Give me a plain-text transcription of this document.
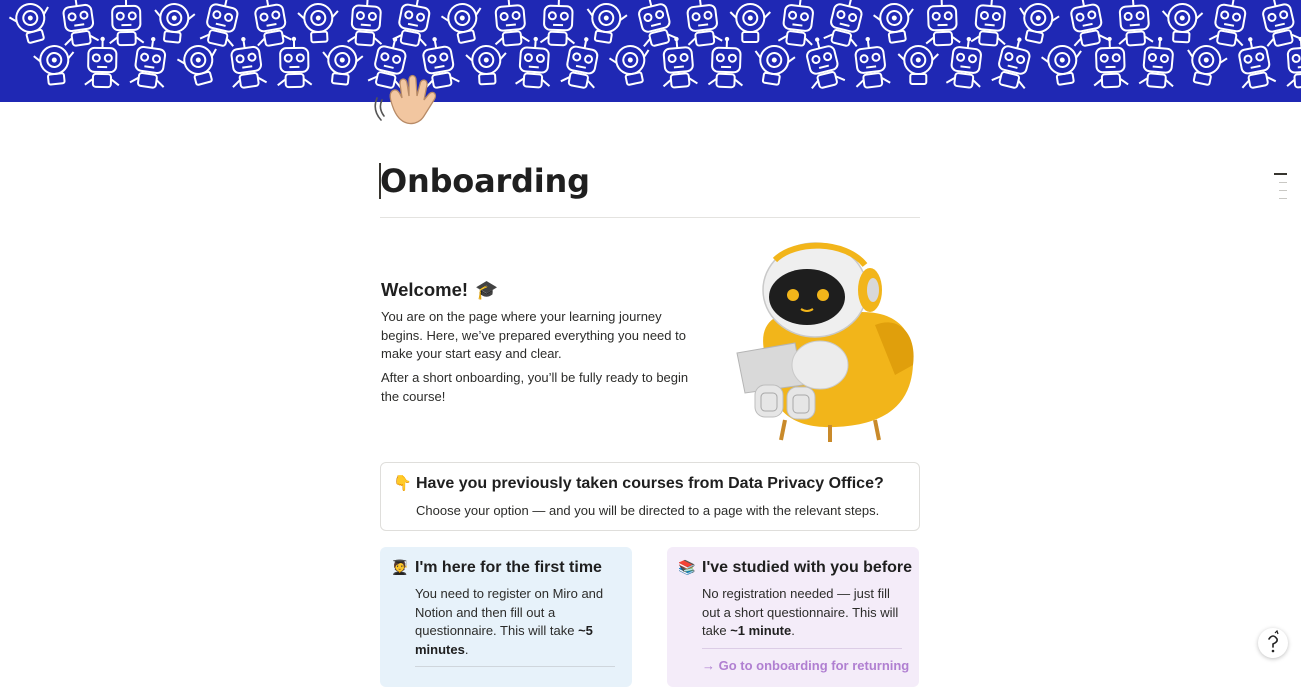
Onboarding
Welcome! 🎓

You are on the page where your learning journey begins. Here, we’ve prepared everything you need to make your start easy and clear.

After a short onboarding, you’ll be fully ready to begin the course!

👇 Have you previously taken courses from Data Privacy Office?
Choose your option — and you will be directed to a page with the relevant steps.
🧑‍🎓 I'm here for the first time
You need to register on Miro and Notion and then fill out a questionnaire. This will take ~5 minutes.
📚 I've studied with you before
No registration needed — just fill out a short questionnaire. This will take ~1 minute.
→ Go to onboarding for returning
